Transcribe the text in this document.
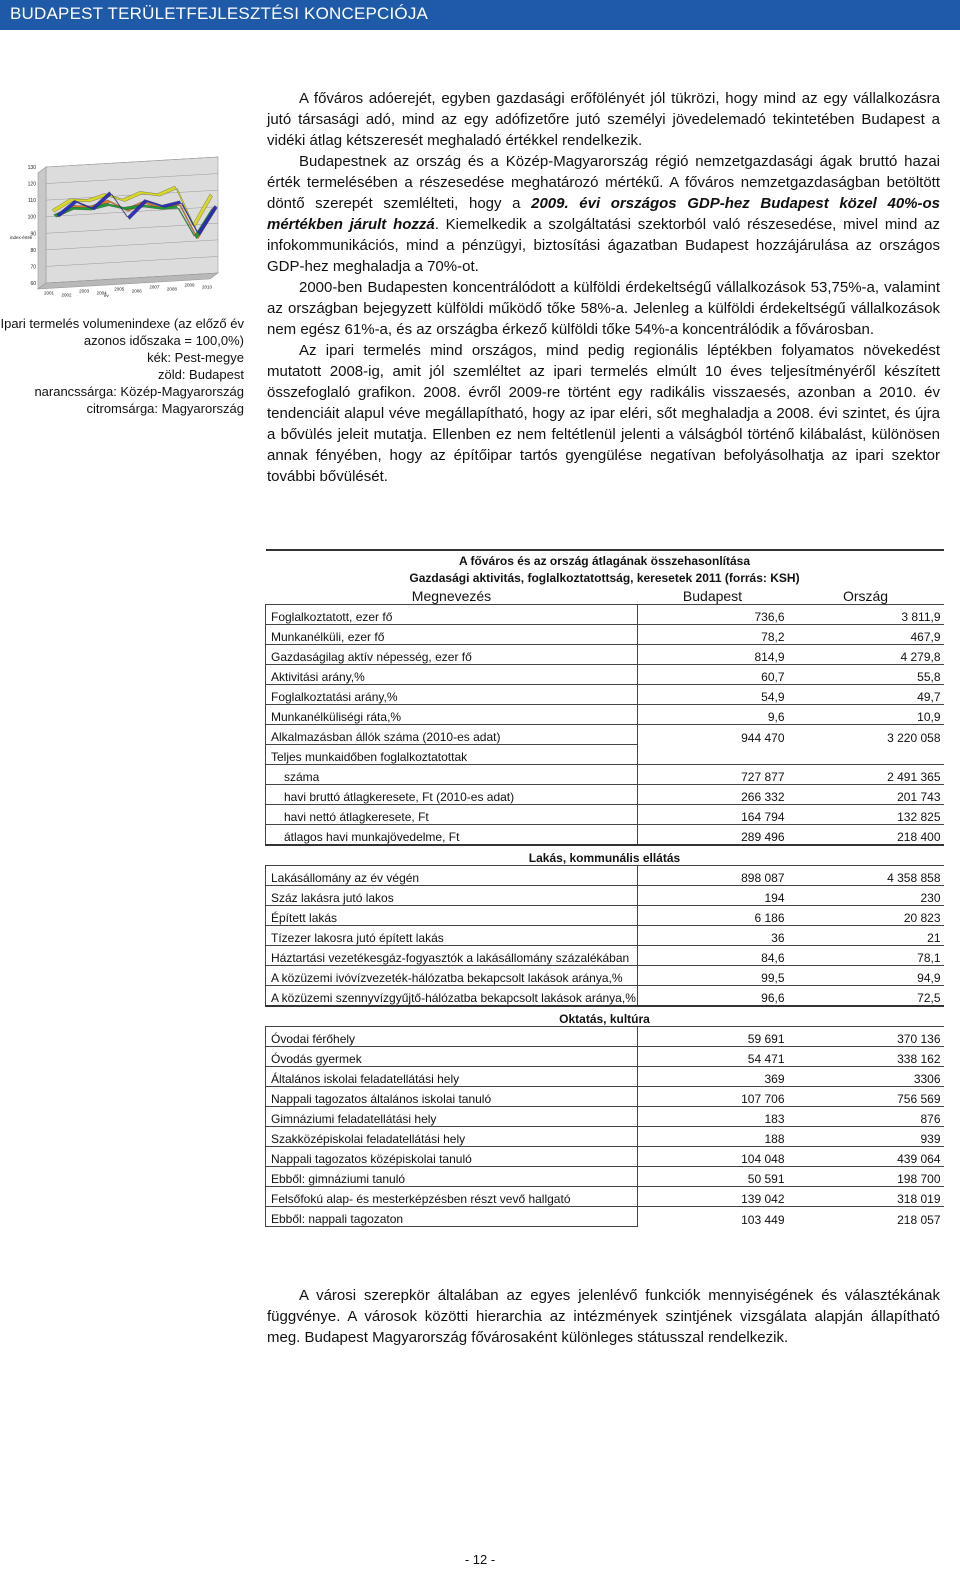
BUDAPEST TERÜLETFEJLESZTÉSI KONCEPCIÓJA
60
70
80
90
100
110
120
130
index-érték
2001 2002
2003 2004
2005 2006
2007 2008
2009 2010
év
Ipari termelés volumenindexe (az előző év
azonos időszaka = 100,0%)
kék: Pest-megye
zöld: Budapest
narancssárga: Közép-Magyarország
citromsárga: Magyarország

A főváros adóerejét, egyben gazdasági erőfölényét jól tükrözi, hogy mind az egy vállalkozásra jutó társasági adó, mind az egy adófizetőre jutó személyi jövedelemadó tekintetében Budapest a vidéki átlag kétszeresét meghaladó értékkel rendelkezik.

Budapestnek az ország és a Közép-Magyarország régió nemzetgazdasági ágak bruttó hazai érték termelésében a részesedése meghatározó mértékű. A főváros nemzetgazdaságban betöltött döntő szerepét szemlélteti, hogy a 2009. évi országos GDP-hez Budapest közel 40%-os mértékben járult hozzá. Kiemelkedik a szolgáltatási szektorból való részesedése, mivel mind az infokommunikációs, mind a pénzügyi, biztosítási ágazatban Budapest hozzájárulása az országos GDP-hez meghaladja a 70%-ot.

2000-ben Budapesten koncentrálódott a külföldi érdekeltségű vállalkozások 53,75%-a, valamint az országban bejegyzett külföldi működő tőke 58%-a. Jelenleg a külföldi érdekeltségű vállalkozások nem egész 61%-a, és az országba érkező külföldi tőke 54%-a koncentrálódik a fővárosban.

Az ipari termelés mind országos, mind pedig regionális léptékben folyamatos növekedést mutatott 2008-ig, amit jól szemléltet az ipari termelés elmúlt 10 éves teljesítményéről készített összefoglaló grafikon. 2008. évről 2009-re történt egy radikális visszaesés, azonban a 2010. év tendenciáit alapul véve megállapítható, hogy az ipar eléri, sőt meghaladja a 2008. évi szintet, és újra a bővülés jeleit mutatja. Ellenben ez nem feltétlenül jelenti a válságból történő kilábalást, különösen annak fényében, hogy az építőipar tartós gyengülése negatívan befolyásolhatja az ipari szektor további bővülését.

A főváros és az ország átlagának összehasonlítása		
Gazdasági aktivitás, foglalkoztatottság, keresetek 2011 (forrás: KSH)		
Megnevezés	Budapest	Ország
Foglalkoztatott, ezer fő	736,6	3 811,9
Munkanélküli, ezer fő	78,2	467,9
Gazdaságilag aktív népesség, ezer fő	814,9	4 279,8
Aktivitási arány,%	60,7	55,8
Foglalkoztatási arány,%	54,9	49,7
Munkanélküliségi ráta,%	9,6	10,9
Alkalmazásban állók száma (2010-es adat)	944 470	3 220 058
Teljes munkaidőben foglalkoztatottak		
száma	727 877	2 491 365
havi bruttó átlagkeresete, Ft (2010-es adat)	266 332	201 743
havi nettó átlagkeresete, Ft	164 794	132 825
átlagos havi munkajövedelme, Ft	289 496	218 400
Lakás, kommunális ellátás		
Lakásállomány az év végén	898 087	4 358 858
Száz lakásra jutó lakos	194	230
Épített lakás	6 186	20 823
Tízezer lakosra jutó épített lakás	36	21
Háztartási vezetékesgáz-fogyasztók a lakásállomány százalékában	84,6	78,1
A közüzemi ivóvízvezeték-hálózatba bekapcsolt lakások aránya,%	99,5	94,9
A közüzemi szennyvízgyűjtő-hálózatba bekapcsolt lakások aránya,%	96,6	72,5
Oktatás, kultúra		
Óvodai férőhely	59 691	370 136
Óvodás gyermek	54 471	338 162
Általános iskolai feladatellátási hely	369	3306
Nappali tagozatos általános iskolai tanuló	107 706	756 569
Gimnáziumi feladatellátási hely	183	876
Szakközépiskolai feladatellátási hely	188	939
Nappali tagozatos középiskolai tanuló	104 048	439 064
Ebből: gimnáziumi tanuló	50 591	198 700
Felsőfokú alap- és mesterképzésben részt vevő hallgató	139 042	318 019
Ebből: nappali tagozaton	103 449	218 057

A városi szerepkör általában az egyes jelenlévő funkciók mennyiségének és választékának függvénye. A városok közötti hierarchia az intézmények szintjének vizsgálata alapján állapítható meg. Budapest Magyarország fővárosaként különleges státusszal rendelkezik.

- 12 -
